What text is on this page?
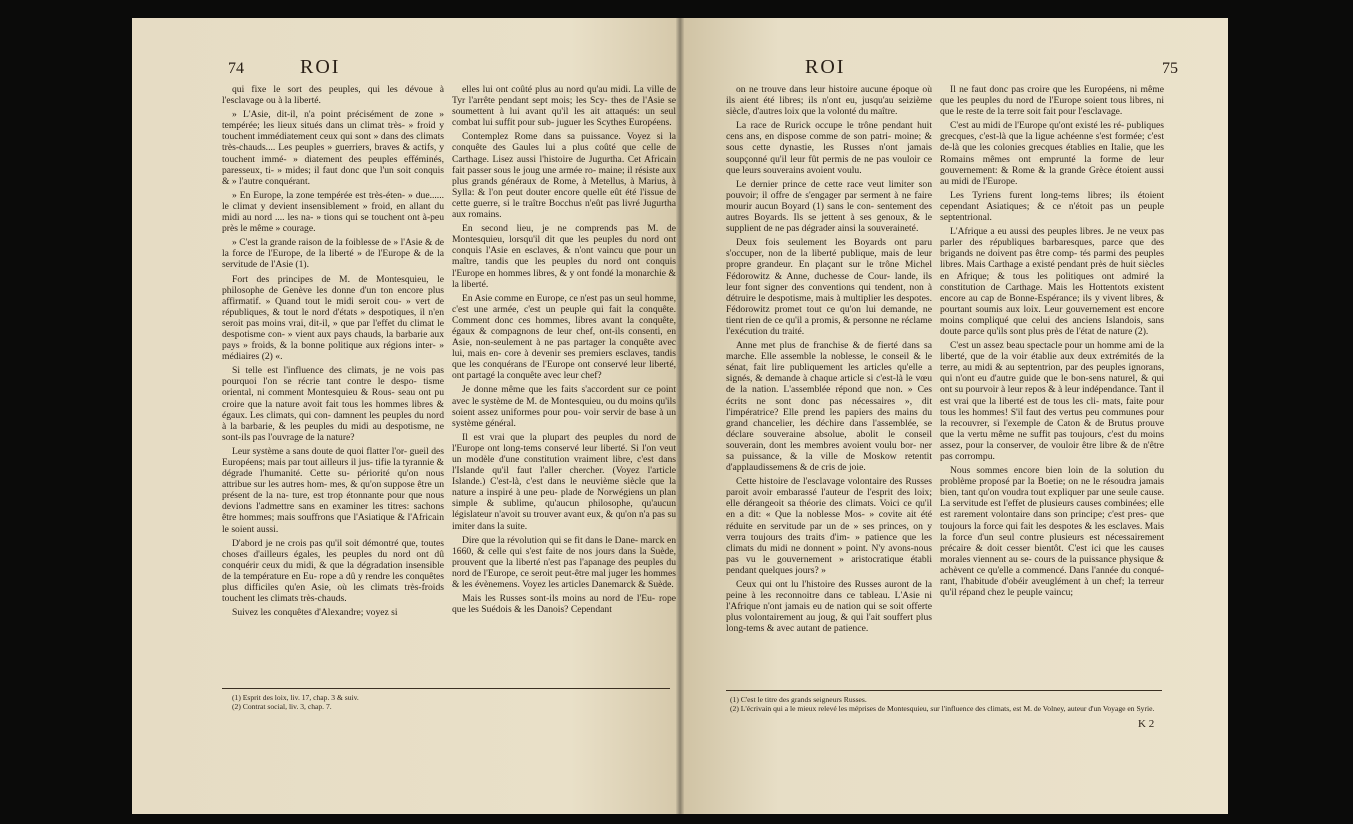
ROI
74

qui fixe le sort des peuples, qui les dévoue à l'esclavage ou à la liberté.

» L'Asie, dit-il, n'a point précisément de zone » tempérée; les lieux situés dans un climat très- » froid y touchent immédiatement ceux qui sont » dans des climats très-chauds.... Les peuples » guerriers, braves & actifs, y touchent immé- » diatement des peuples efféminés, paresseux, ti- » mides; il faut donc que l'un soit conquis & » l'autre conquérant.

» En Europe, la zone tempérée est très-éten- » due...... le climat y devient insensiblement » froid, en allant du midi au nord .... les na- » tions qui se touchent ont à-peu près le même » courage.

» C'est la grande raison de la foiblesse de » l'Asie & de la force de l'Europe, de la liberté » de l'Europe & de la servitude de l'Asie (1).

Fort des principes de M. de Montesquieu, le philosophe de Genève les donne d'un ton encore plus affirmatif. » Quand tout le midi seroit cou- » vert de républiques, & tout le nord d'états » despotiques, il n'en seroit pas moins vrai, dit-il, » que par l'effet du climat le despotisme con- » vient aux pays chauds, la barbarie aux pays » froids, & la bonne politique aux régions inter- » médiaires (2) «.

Si telle est l'influence des climats, je ne vois pas pourquoi l'on se récrie tant contre le despo- tisme oriental, ni comment Montesquieu & Rous- seau ont pu croire que la nature avoit fait tous les hommes libres & égaux. Les climats, qui con- damnent les peuples du nord à la barbarie, & les peuples du midi au despotisme, ne sont-ils pas l'ouvrage de la nature?

Leur système a sans doute de quoi flatter l'or- gueil des Européens; mais par tout ailleurs il jus- tifie la tyrannie & dégrade l'humanité. Cette su- périorité qu'on nous attribue sur les autres hom- mes, & qu'on suppose être un présent de la na- ture, est trop étonnante pour que nous devions l'admettre sans en examiner les titres: sachons être hommes; mais souffrons que l'Asiatique & l'Africain le soient aussi.

D'abord je ne crois pas qu'il soit démontré que, toutes choses d'ailleurs égales, les peuples du nord ont dû conquérir ceux du midi, & que la dégradation insensible de la température en Eu- rope a dû y rendre les conquêtes plus difficiles qu'en Asie, où les climats très-froids touchent les climats très-chauds.

Suivez les conquêtes d'Alexandre; voyez si

elles lui ont coûté plus au nord qu'au midi. La ville de Tyr l'arrête pendant sept mois; les Scy- thes de l'Asie se soumettent à lui avant qu'il les ait attaqués: un seul combat lui suffit pour sub- juguer les Scythes Européens.

Contemplez Rome dans sa puissance. Voyez si la conquête des Gaules lui a plus coûté que celle de Carthage. Lisez aussi l'histoire de Jugurtha. Cet Africain fait passer sous le joug une armée ro- maine; il résiste aux plus grands généraux de Rome, à Metellus, à Marius, à Sylla: & l'on peut douter encore quelle eût été l'issue de cette guerre, si le traître Bocchus n'eût pas livré Jugurtha aux romains.

En second lieu, je ne comprends pas M. de Montesquieu, lorsqu'il dit que les peuples du nord ont conquis l'Asie en esclaves, & n'ont vaincu que pour un maître, tandis que les peuples du nord ont conquis l'Europe en hommes libres, & y ont fondé la monarchie & la liberté.

En Asie comme en Europe, ce n'est pas un seul homme, c'est une armée, c'est un peuple qui fait la conquête. Comment donc ces hommes, libres avant la conquête, égaux & compagnons de leur chef, ont-ils consenti, en Asie, non-seulement à ne pas partager la conquête avec lui, mais en- core à devenir ses premiers esclaves, tandis que les conquérans de l'Europe ont conservé leur liberté, ont partagé la conquête avec leur chef?

Je donne même que les faits s'accordent sur ce point avec le système de M. de Montesquieu, ou du moins qu'ils soient assez uniformes pour pou- voir servir de base à un système général.

Il est vrai que la plupart des peuples du nord de l'Europe ont long-tems conservé leur liberté. Si l'on veut un modèle d'une constitution vraiment libre, c'est dans l'Islande qu'il faut l'aller chercher. (Voyez l'article Islande.) C'est-là, c'est dans le neuvième siècle que la nature a inspiré à une peu- plade de Norwégiens un plan simple & sublime, qu'aucun philosophe, qu'aucun législateur n'avoit su trouver avant eux, & qu'on n'a pas su imiter dans la suite.

Dire que la révolution qui se fit dans le Dane- marck en 1660, & celle qui s'est faite de nos jours dans la Suède, prouvent que la liberté n'est pas l'apanage des peuples du nord de l'Europe, ce seroit peut-être mal juger les hommes & les évènemens. Voyez les articles Danemarck & Suède.

Mais les Russes sont-ils moins au nord de l'Eu- rope que les Suédois & les Danois? Cependant

(1) Esprit des loix, liv. 17, chap. 3 & suiv.
(2) Contrat social, liv. 3, chap. 7.
ROI	75

on ne trouve dans leur histoire aucune époque où ils aient été libres; ils n'ont eu, jusqu'au seizième siècle, d'autres loix que la volonté du maître.

La race de Rurick occupe le trône pendant huit cens ans, en dispose comme de son patri- moine; & sous cette dynastie, les Russes n'ont jamais soupçonné qu'il leur fût permis de ne pas vouloir ce que leurs souverains avoient voulu.

Le dernier prince de cette race veut limiter son pouvoir; il offre de s'engager par serment à ne faire mourir aucun Boyard (1) sans le con- sentement des autres Boyards. Ils se jettent à ses genoux, & le supplient de ne pas dégrader ainsi la souveraineté.

Deux fois seulement les Boyards ont paru s'occuper, non de la liberté publique, mais de leur propre grandeur. En plaçant sur le trône Michel Fédorowitz & Anne, duchesse de Cour- lande, ils leur font signer des conventions qui tendent, non à détruire le despotisme, mais à multiplier les despotes. Fédorowitz promet tout ce qu'on lui demande, ne tient rien de ce qu'il a promis, & personne ne réclame l'exécution du traité.

Anne met plus de franchise & de fierté dans sa marche. Elle assemble la noblesse, le conseil & le sénat, fait lire publiquement les articles qu'elle a signés, & demande à chaque article si c'est-là le vœu de la nation. L'assemblée répond que non. » Ces écrits ne sont donc pas nécessaires », dit l'impératrice? Elle prend les papiers des mains du grand chancelier, les déchire dans l'assemblée, se déclare souveraine absolue, abolit le conseil souverain, dont les membres avoient voulu bor- ner sa puissance, & la ville de Moskow retentit d'applaudissemens & de cris de joie.

Cette histoire de l'esclavage volontaire des Russes paroit avoir embarassé l'auteur de l'esprit des loix; elle dérangeoit sa théorie des climats. Voici ce qu'il en a dit: « Que la noblesse Mos- » covite ait été réduite en servitude par un de » ses princes, on y verra toujours des traits d'im- » patience que les climats du midi ne donnent » point. N'y avons-nous pas vu le gouvernement » aristocratique établi pendant quelques jours? »

Ceux qui ont lu l'histoire des Russes auront de la peine à les reconnoitre dans ce tableau. L'Asie ni l'Afrique n'ont jamais eu de nation qui se soit offerte plus volontairement au joug, & qui l'ait souffert plus long-tems & avec autant de patience.

Il ne faut donc pas croire que les Européens, ni même que les peuples du nord de l'Europe soient tous libres, ni que le reste de la terre soit fait pour l'esclavage.

C'est au midi de l'Europe qu'ont existé les ré- publiques grecques, c'est-là que la ligue achéenne s'est formée; c'est de-là que les colonies grecques établies en Italie, que les Romains mêmes ont emprunté la forme de leur gouvernement: & Rome & la grande Grèce étoient aussi au midi de l'Europe.

Les Tyriens furent long-tems libres; ils étoient cependant Asiatiques; & ce n'étoit pas un peuple septentrional.

L'Afrique a eu aussi des peuples libres. Je ne veux pas parler des républiques barbaresques, parce que des brigands ne doivent pas être comp- tés parmi des peuples libres. Mais Carthage a existé pendant près de huit siècles en Afrique; & tous les politiques ont admiré la constitution de Carthage. Mais les Hottentots existent encore au cap de Bonne-Espérance; ils y vivent libres, & pourtant soumis aux loix. Leur gouvernement est encore moins compliqué que celui des anciens Islandois, sans doute parce qu'ils sont plus près de l'état de nature (2).

C'est un assez beau spectacle pour un homme ami de la liberté, que de la voir établie aux deux extrémités de la terre, au midi & au septentrion, par des peuples ignorans, qui n'ont eu d'autre guide que le bon-sens naturel, & qui ont su pourvoir à leur repos & à leur indépendance. Tant il est vrai que la liberté est de tous les cli- mats, faite pour tous les hommes! S'il faut des vertus peu communes pour la recouvrer, si l'exemple de Caton & de Brutus prouve que la vertu même ne suffit pas toujours, c'est du moins assez, pour la conserver, de vouloir être libre & de n'être pas corrompu.

Nous sommes encore bien loin de la solution du problème proposé par la Boetie; on ne le résoudra jamais bien, tant qu'on voudra tout expliquer par une seule cause. La servitude est l'effet de plusieurs causes combinées; elle est rarement volontaire dans son principe; c'est pres- que toujours la force qui fait les despotes & les esclaves. Mais la force d'un seul contre plusieurs est nécessairement précaire & doit cesser bientôt. C'est ici que les causes morales viennent au se- cours de la puissance physique & achèvent ce qu'elle a commencé. Dans l'année du conqué- rant, l'habitude d'obéir aveuglément à un chef; la terreur qu'il répand chez le peuple vaincu;

(1) C'est le titre des grands seigneurs Russes.
(2) L'écrivain qui a le mieux relevé les méprises de Montesquieu, sur l'influence des climats, est M. de Volney, auteur d'un Voyage en Syrie.
K 2
